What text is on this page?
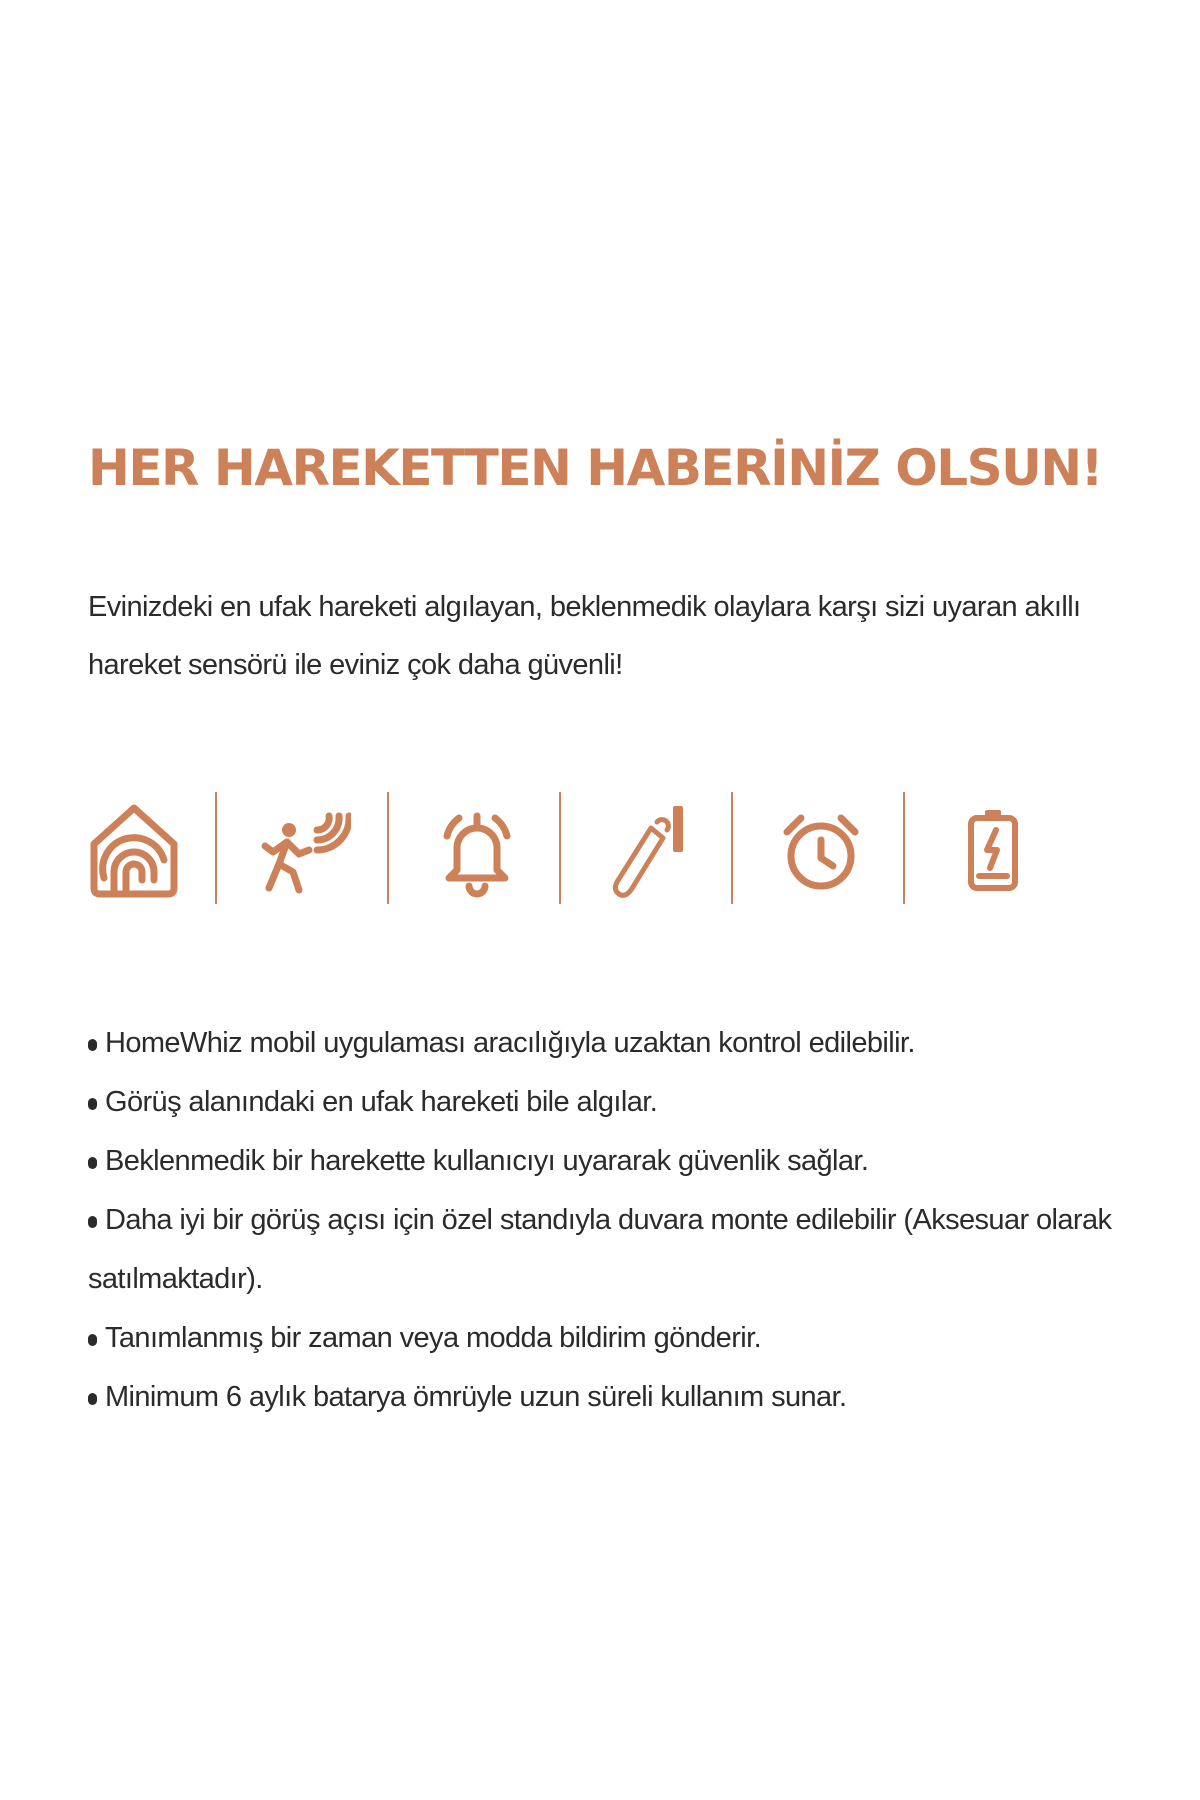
HER HAREKETTEN HABERİNİZ OLSUN!

Evinizdeki en ufak hareketi algılayan, beklenmedik olaylara karşı sizi uyaran akıllı hareket sensörü ile eviniz çok daha güvenli!

HomeWhiz mobil uygulaması aracılığıyla uzaktan kontrol edilebilir.
Görüş alanındaki en ufak hareketi bile algılar.
Beklenmedik bir harekette kullanıcıyı uyararak güvenlik sağlar.
Daha iyi bir görüş açısı için özel standıyla duvara monte edilebilir (Aksesuar olarak satılmaktadır).
Tanımlanmış bir zaman veya modda bildirim gönderir.
Minimum 6 aylık batarya ömrüyle uzun süreli kullanım sunar.
